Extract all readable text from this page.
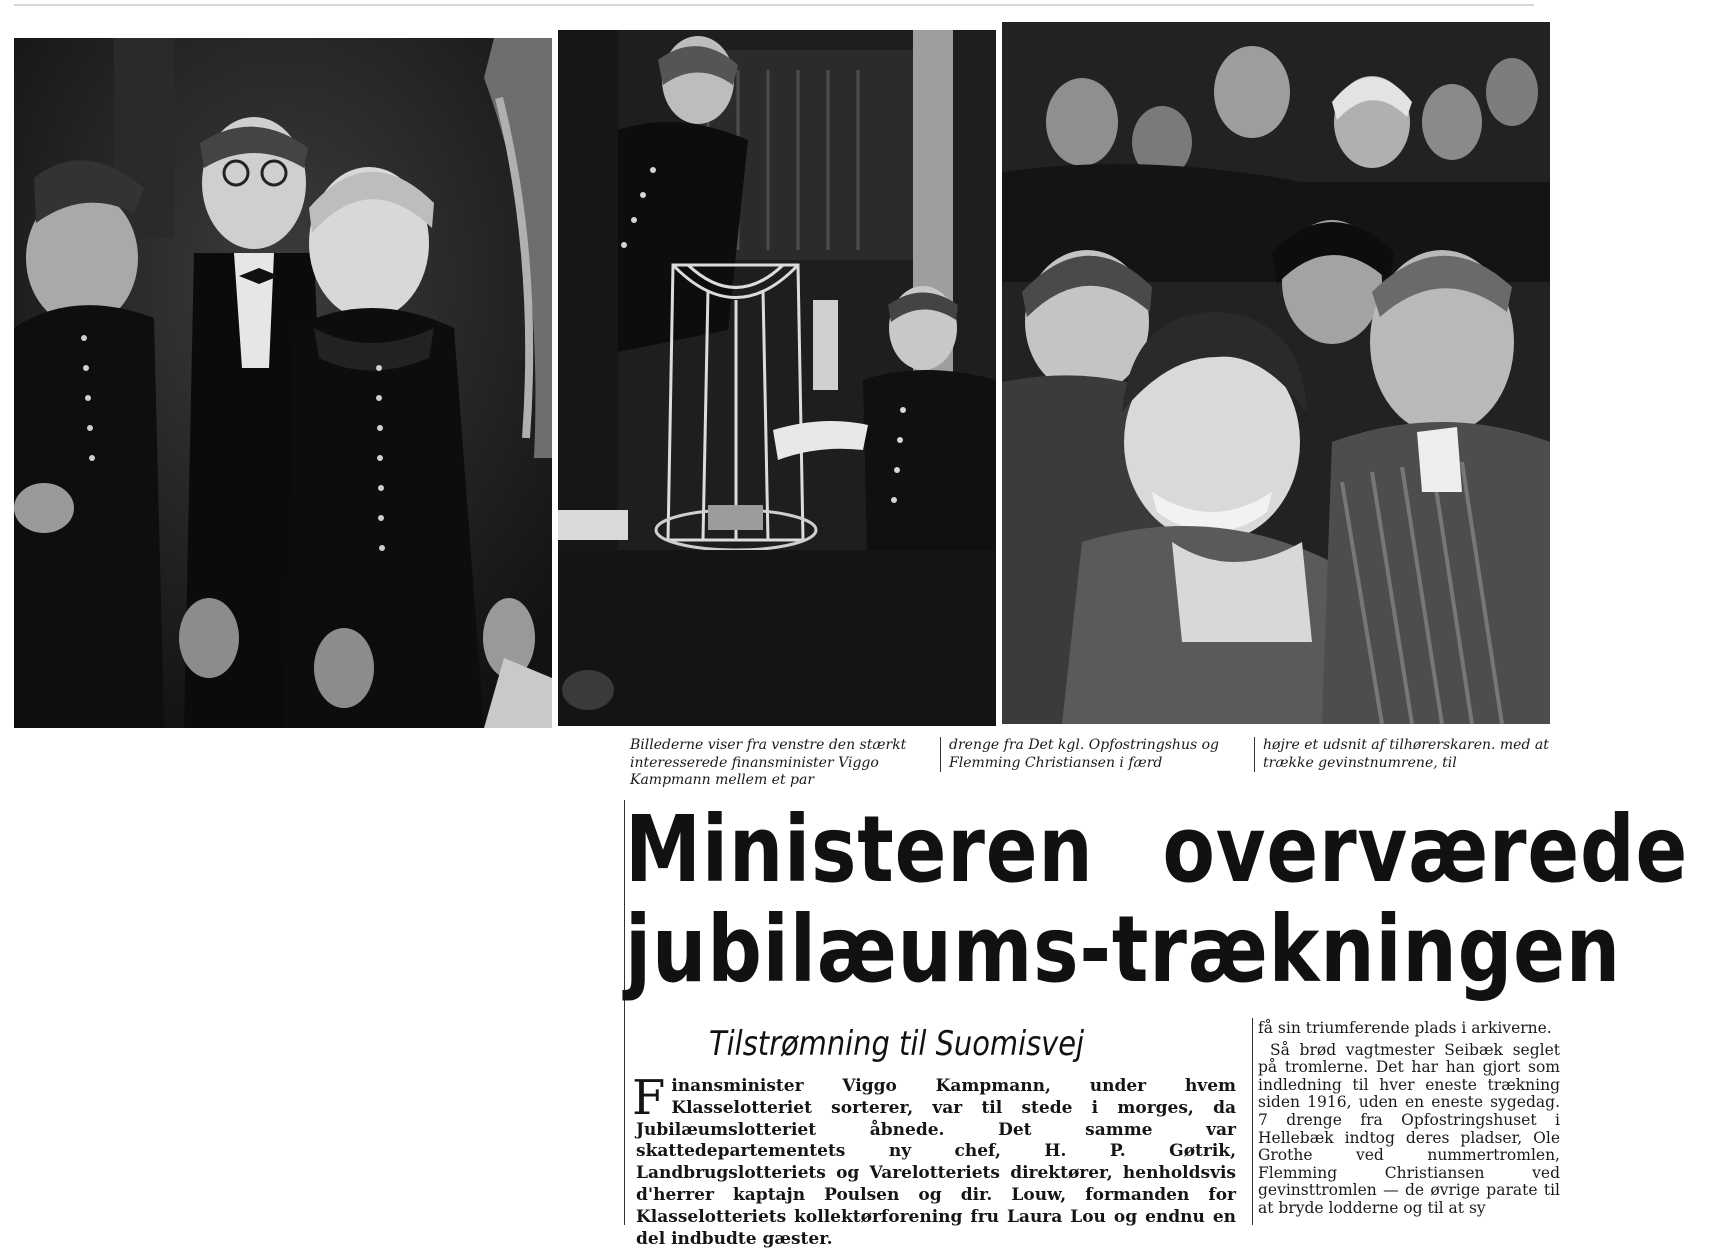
Billederne viser fra venstre den stærkt interesserede finansminister Viggo Kampmann mellem et par
drenge fra Det kgl. Opfostringshus og Flemming Christiansen i færd
højre et udsnit af tilhørerskaren. med at trække gevinstnumrene, til
Ministeren overværede
jubilæums-trækningen
Tilstrømning til Suomisvej
Finansminister Viggo Kampmann, under hvem Klasselotteriet sorterer, var til stede i morges, da Jubilæumslotteriet åbnede. Det samme var skattedepartementets ny chef, H. P. Gøtrik, Landbrugslotteriets og Varelotteriets direktører, henholdsvis d'herrer kaptajn Poulsen og dir. Louw, formanden for Klasselotteriets kollektørforening fru Laura Lou og endnu en del indbudte gæster.

få sin triumferende plads i arkiverne.

Så brød vagtmester Seibæk seglet på tromlerne. Det har han gjort som indledning til hver eneste trækning siden 1916, uden en eneste sygedag. 7 drenge fra Opfostringshuset i Hellebæk indtog deres pladser, Ole Grothe ved nummertromlen, Flemming Christiansen ved gevinsttromlen — de øvrige parate til at bryde lodderne og til at sy
